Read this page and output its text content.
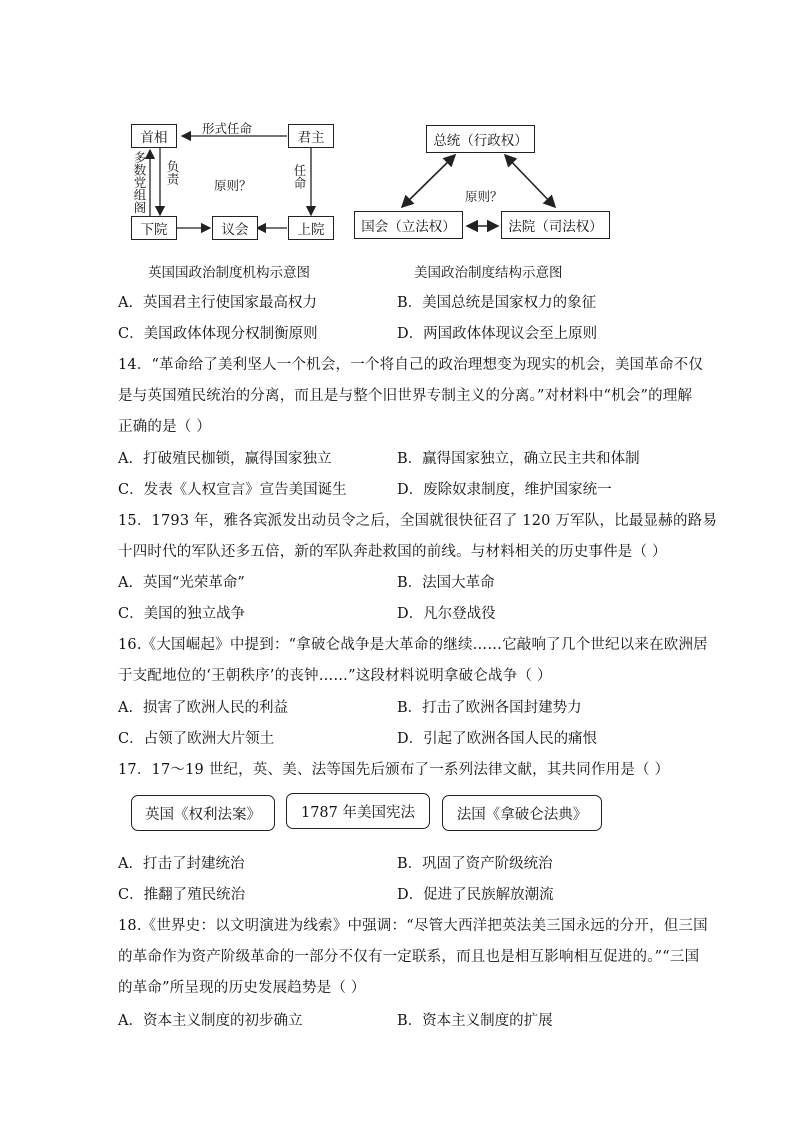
首相	君主
下院	议会	上院
形式任命
多数党组阁 负责	任命
原则？
英国国政治制度机构示意图
总统（行政权）
国会（立法权）	法院（司法权）
原则？
美国政治制度结构示意图
A．英国君主行使国家最高权力	B．美国总统是国家权力的象征
C．美国政体体现分权制衡原则	D．两国政体体现议会至上原则
14．“革命给了美利坚人一个机会，一个将自己的政治理想变为现实的机会，美国革命不仅
是与英国殖民统治的分离，而且是与整个旧世界专制主义的分离。”对材料中“机会”的理解
正确的是（ ）
A．打破殖民枷锁，赢得国家独立	B．赢得国家独立，确立民主共和体制
C．发表《人权宣言》宣告美国诞生	D．废除奴隶制度，维护国家统一
15．1793 年，雅各宾派发出动员令之后，全国就很快征召了 120 万军队，比最显赫的路易
十四时代的军队还多五倍，新的军队奔赴救国的前线。与材料相关的历史事件是（ ）
A．英国“光荣革命”	B．法国大革命
C．美国的独立战争	D．凡尔登战役
16.《大国崛起》中提到：“拿破仑战争是大革命的继续……它敲响了几个世纪以来在欧洲居
于支配地位的‘王朝秩序’的丧钟……”这段材料说明拿破仑战争（ ）
A．损害了欧洲人民的利益	B．打击了欧洲各国封建势力
C．占领了欧洲大片领土	D．引起了欧洲各国人民的痛恨
17．17～19 世纪，英、美、法等国先后颁布了一系列法律文献，其共同作用是（ ）
英国《权利法案》	1787 年美国宪法	法国《拿破仑法典》
A．打击了封建统治	B．巩固了资产阶级统治
C．推翻了殖民统治	D．促进了民族解放潮流
18.《世界史：以文明演进为线索》中强调：“尽管大西洋把英法美三国永远的分开，但三国
的革命作为资产阶级革命的一部分不仅有一定联系，而且也是相互影响相互促进的。”“三国
的革命”所呈现的历史发展趋势是（ ）
A．资本主义制度的初步确立	B．资本主义制度的扩展
